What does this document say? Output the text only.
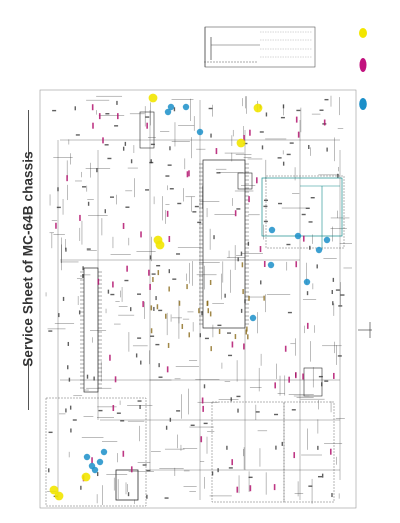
Service Sheet of MC-64B chassis
